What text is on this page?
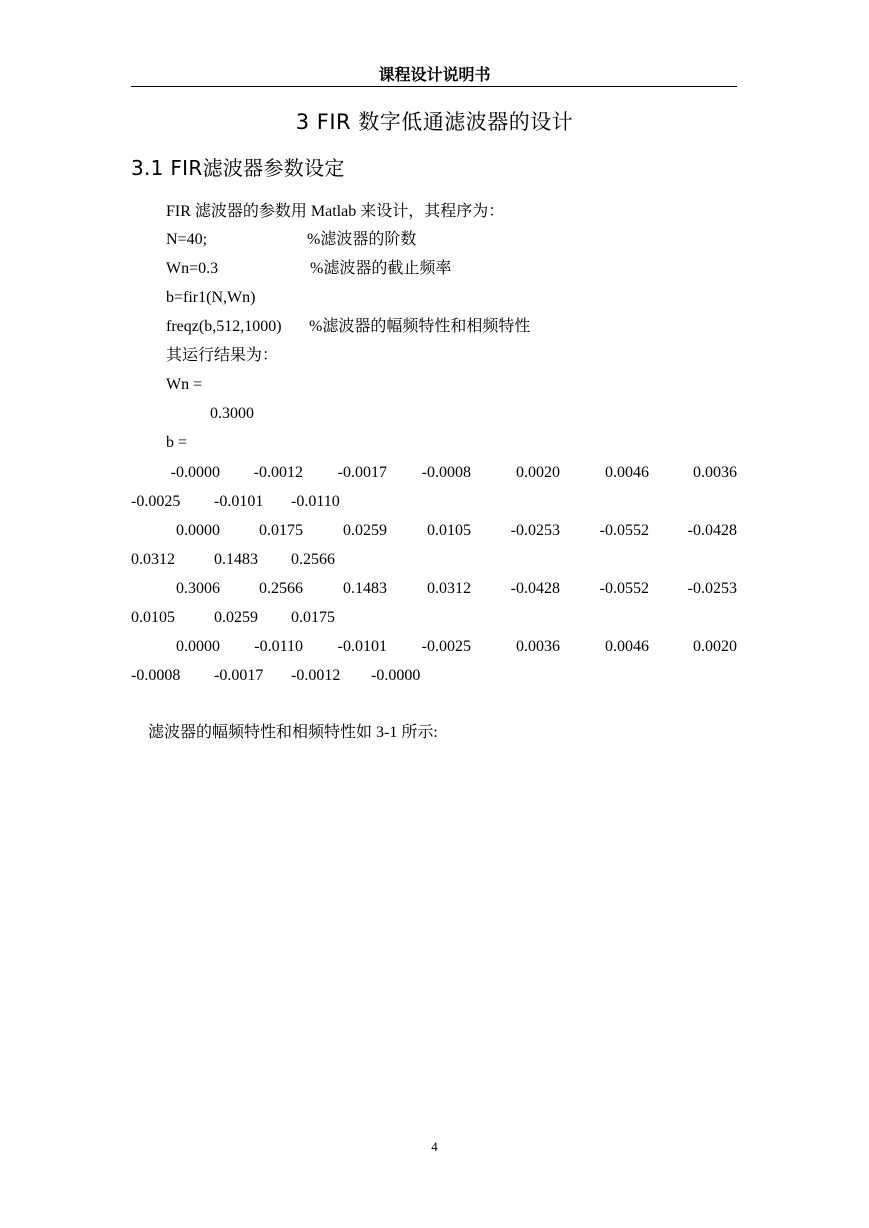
课程设计说明书
3 FIR 数字低通滤波器的设计
3.1 FIR滤波器参数设定
FIR 滤波器的参数用 Matlab 来设计，其程序为：
N=40;	%滤波器的阶数
Wn=0.3	%滤波器的截止频率
b=fir1(N,Wn)
freqz(b,512,1000) %滤波器的幅频特性和相频特性
其运行结果为：
Wn =
0.3000
b =
-0.0000	-0.0012	-0.0017	-0.0008	0.0020	0.0046	0.0036
-0.0025 -0.0101 -0.0110
0.0000	0.0175	0.0259	0.0105	-0.0253	-0.0552	-0.0428
0.0312 0.1483 0.2566
0.3006	0.2566	0.1483	0.0312	-0.0428	-0.0552	-0.0253
0.0105 0.0259 0.0175
0.0000	-0.0110	-0.0101	-0.0025	0.0036	0.0046	0.0020
-0.0008 -0.0017 -0.0012 -0.0000
滤波器的幅频特性和相频特性如 3-1 所示:
4
